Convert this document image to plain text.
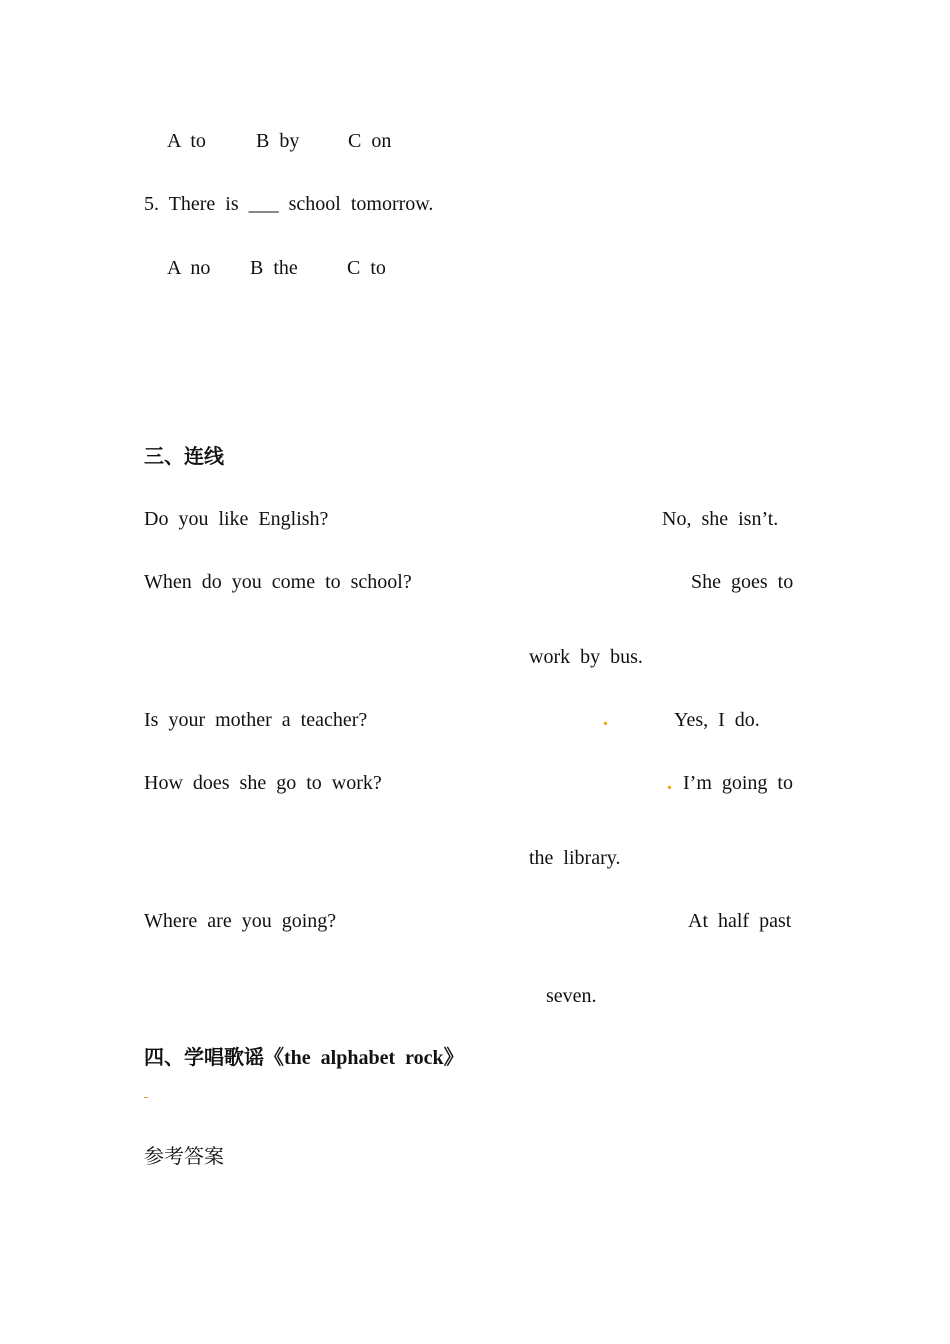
A to	B by C on
5. There is ___ school tomorrow.
A no B the C to
三、连线
Do you like English?	No, she isn’t.
When do you come to school?	She goes to
work by bus.
Is your mother a teacher?	.	Yes, I do.
How does she go to work?	. I’m going to
the library.
Where are you going?	At half past
seven.
四、学唱歌谣《the alphabet rock》
参考答案
